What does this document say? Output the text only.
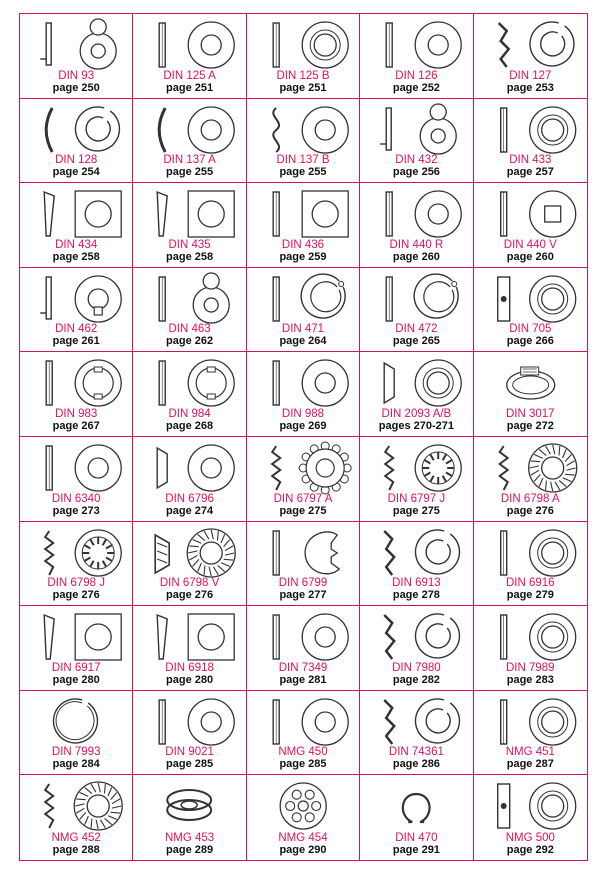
DIN 93
page 250
DIN 125 A
page 251
DIN 125 B
page 251
DIN 126
page 252
DIN 127
page 253
DIN 128
page 254
DIN 137 A
page 255
DIN 137 B
page 255
DIN 432
page 256
DIN 433
page 257
DIN 434
page 258
DIN 435
page 258
DIN 436
page 259
DIN 440 R
page 260
DIN 440 V
page 260
DIN 462
page 261
DIN 463
page 262
DIN 471
page 264
DIN 472
page 265
DIN 705
page 266
DIN 983
page 267
DIN 984
page 268
DIN 988
page 269
DIN 2093 A/B
pages 270-271
DIN 3017
page 272
DIN 6340
page 273
DIN 6796
page 274
DIN 6797 A
page 275
DIN 6797 J
page 275
DIN 6798 A
page 276
DIN 6798 J
page 276
DIN 6798 V
page 276
DIN 6799
page 277
DIN 6913
page 278
DIN 6916
page 279
DIN 6917
page 280
DIN 6918
page 280
DIN 7349
page 281
DIN 7980
page 282
DIN 7989
page 283
DIN 7993
page 284
DIN 9021
page 285
NMG 450
page 285
DIN 74361
page 286
NMG 451
page 287
NMG 452
page 288
NMG 453
page 289
NMG 454
page 290
DIN 470
page 291
NMG 500
page 292
